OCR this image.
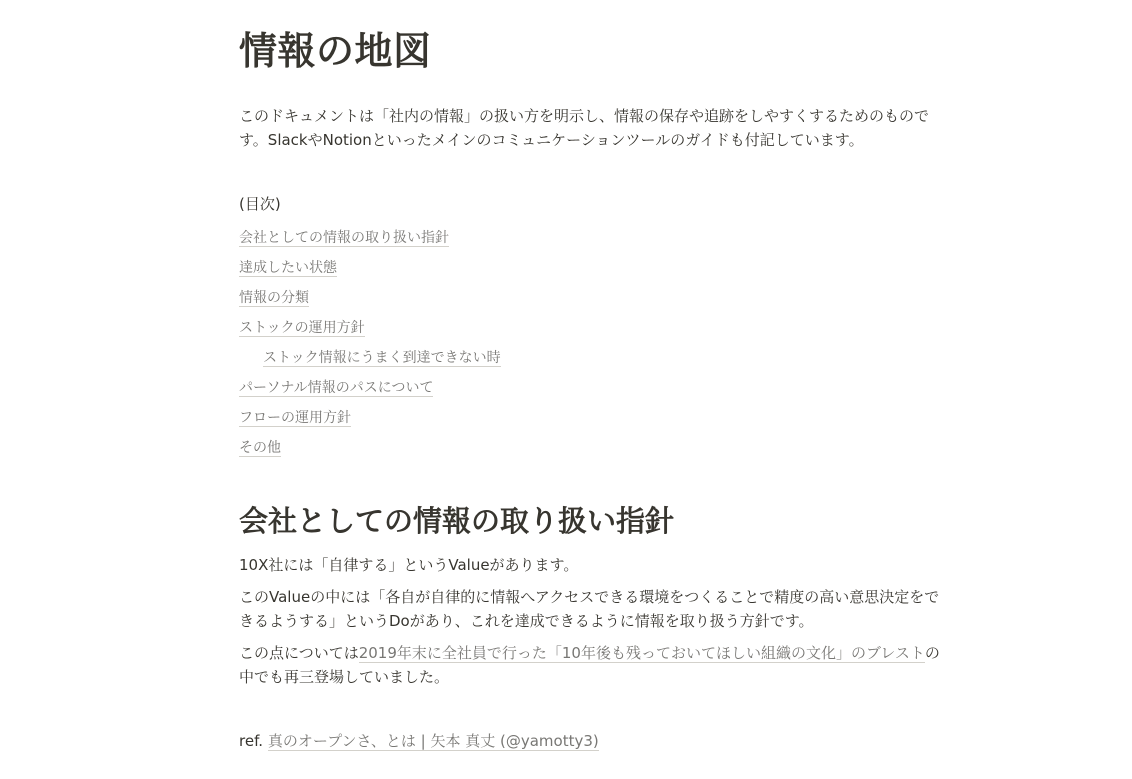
情報の地図

このドキュメントは「社内の情報」の扱い方を明示し、情報の保存や追跡をしやすくするためのものです。SlackやNotionといったメインのコミュニケーションツールのガイドも付記しています。

(目次)

会社としての情報の取り扱い指針
達成したい状態
情報の分類
ストックの運用方針
ストック情報にうまく到達できない時
パーソナル情報のパスについて
フローの運用方針
その他
会社としての情報の取り扱い指針

10X社には「自律する」というValueがあります。

このValueの中には「各自が自律的に情報へアクセスできる環境をつくることで精度の高い意思決定をできるようする」というDoがあり、これを達成できるように情報を取り扱う方針です。

この点については2019年末に全社員で行った「10年後も残っておいてほしい組織の文化」のブレストの中でも再三登場していました。

ref. 真のオープンさ、とは | 矢本 真丈 (@yamotty3)
